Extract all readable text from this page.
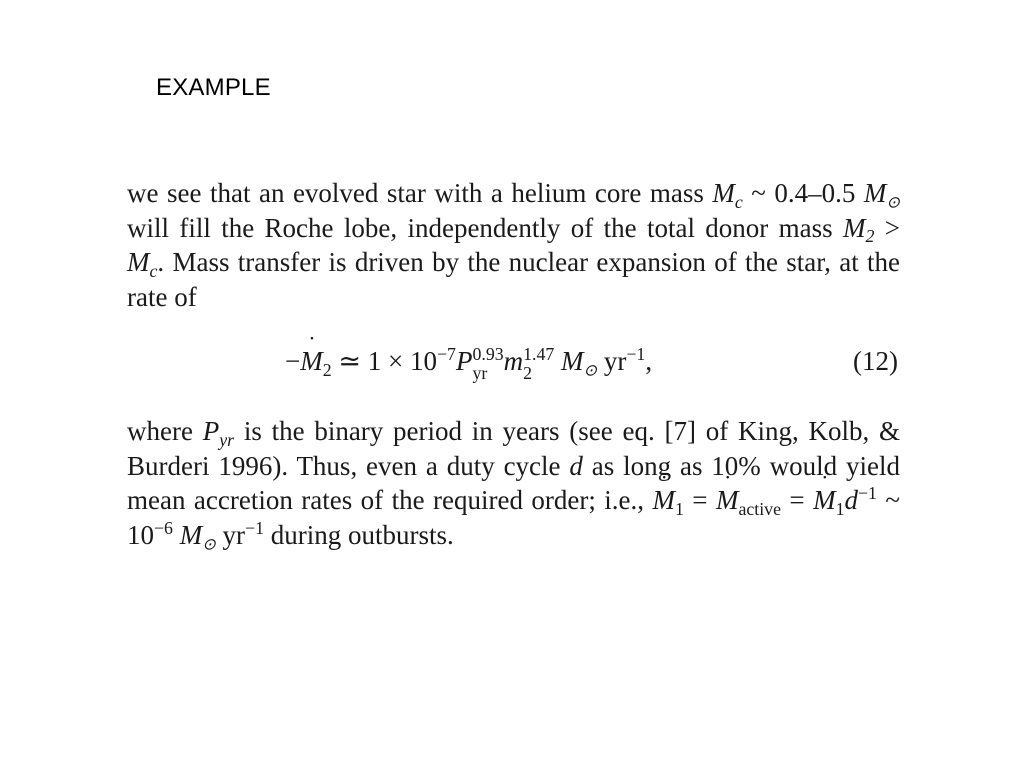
EXAMPLE

we see that an evolved star with a helium core mass $M_c$ ~ 0.4–0.5 $M_⊙$ will fill the Roche lobe, independently of the total donor mass $M_2 > M_c$. Mass transfer is driven by the nuclear expansion of the star, at the rate of

−˙ $M_2$ ≃ $1 \times 10^{-7}P$ 0.93
yr m 1.47
2	$M_⊙$ $yr^{-1}$,	(12)

where $P_{yr}$ is the binary period in years (see eq. [7] of King, Kolb, & Burderi 1996). Thus, even a duty cycle d as long as 10% would yield mean accretion rates of the required order; i.e., ˙ $M_1$ = ˙ $M_{active}$ = ˙ $M_1d^{-1}$ ~ $10^{-6}$ $M_⊙$ $yr^{-1}$ during outbursts.
